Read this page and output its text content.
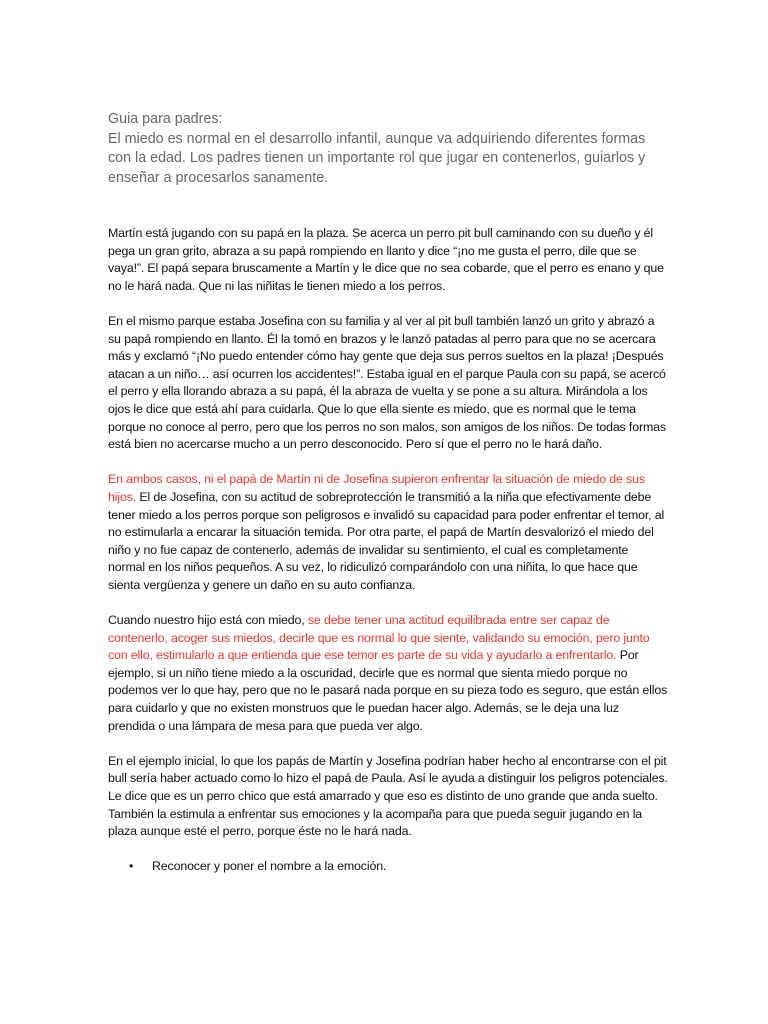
Guia para padres:

El miedo es normal en el desarrollo infantil, aunque va adquiriendo diferentes formas con la edad. Los padres tienen un importante rol que jugar en contenerlos, guiarlos y enseñar a procesarlos sanamente.

Martín está jugando con su papá en la plaza. Se acerca un perro pit bull caminando con su dueño y él pega un gran grito, abraza a su papá rompiendo en llanto y dice “¡no me gusta el perro, dile que se vaya!”. El papá separa bruscamente a Martín y le dice que no sea cobarde, que el perro es enano y que no le hará nada. Que ni las niñitas le tienen miedo a los perros.

En el mismo parque estaba Josefina con su familia y al ver al pit bull también lanzó un grito y abrazó a su papá rompiendo en llanto. Él la tomó en brazos y le lanzó patadas al perro para que no se acercara más y exclamó “¡No puedo entender cómo hay gente que deja sus perros sueltos en la plaza! ¡Después atacan a un niño… así ocurren los accidentes!”. Estaba igual en el parque Paula con su papá, se acercó el perro y ella llorando abraza a su papá, él la abraza de vuelta y se pone a su altura. Mirándola a los ojos le dice que está ahí para cuidarla. Que lo que ella siente es miedo, que es normal que le tema porque no conoce al perro, pero que los perros no son malos, son amigos de los niños. De todas formas está bien no acercarse mucho a un perro desconocido. Pero sí que el perro no le hará daño.

En ambos casos, ni el papá de Martín ni de Josefina supieron enfrentar la situación de miedo de sus hijos. El de Josefina, con su actitud de sobreprotección le transmitió a la niña que efectivamente debe tener miedo a los perros porque son peligrosos e invalidó su capacidad para poder enfrentar el temor, al no estimularla a encarar la situación temida. Por otra parte, el papá de Martín desvalorizó el miedo del niño y no fue capaz de contenerlo, además de invalidar su sentimiento, el cual es completamente normal en los niños pequeños. A su vez, lo ridiculizó comparándolo con una niñita, lo que hace que sienta vergüenza y genere un daño en su auto confianza.

Cuando nuestro hijo está con miedo, se debe tener una actitud equilibrada entre ser capaz de contenerlo, acoger sus miedos, decirle que es normal lo que siente, validando su emoción, pero junto con ello, estimularlo a que entienda que ese temor es parte de su vida y ayudarlo a enfrentarlo. Por ejemplo, si un niño tiene miedo a la oscuridad, decirle que es normal que sienta miedo porque no podemos ver lo que hay, pero que no le pasará nada porque en su pieza todo es seguro, que están ellos para cuidarlo y que no existen monstruos que le puedan hacer algo. Además, se le deja una luz prendida o una lámpara de mesa para que pueda ver algo.

En el ejemplo inicial, lo que los papás de Martín y Josefina podrían haber hecho al encontrarse con el pit bull sería haber actuado como lo hizo el papá de Paula. Así le ayuda a distinguir los peligros potenciales. Le dice que es un perro chico que está amarrado y que eso es distinto de uno grande que anda suelto. También la estimula a enfrentar sus emociones y la acompaña para que pueda seguir jugando en la plaza aunque esté el perro, porque éste no le hará nada.

• Reconocer y poner el nombre a la emoción.
